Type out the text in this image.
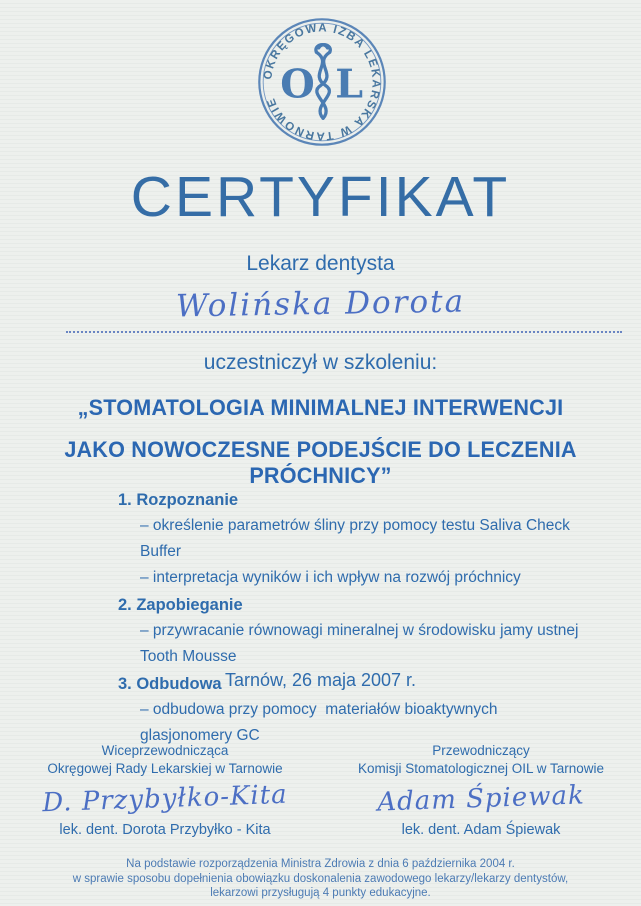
OKRĘGOWA IZBA LEKARSKA W TARNOWIE O L
CERTYFIKAT
Lekarz dentysta
Wolińska Dorota
uczestniczył w szkoleniu:
„STOMATOLOGIA MINIMALNEJ INTERWENCJI
JAKO NOWOCZESNE PODEJŚCIE DO LECZENIA PRÓCHNICY”
1. Rozpoznanie
– określenie parametrów śliny przy pomocy testu Saliva Check Buffer
– interpretacja wyników i ich wpływ na rozwój próchnicy
2. Zapobieganie
– przywracanie równowagi mineralnej w środowisku jamy ustnej  Tooth Mousse
3. Odbudowa
– odbudowa przy pomocy  materiałów bioaktywnych  glasjonomery GC
Tarnów, 26 maja 2007 r.
Wiceprzewodnicząca
Okręgowej Rady Lekarskiej w Tarnowie
D. Przybyłko-Kita
lek. dent. Dorota Przybyłko - Kita
Przewodniczący
Komisji Stomatologicznej OIL w Tarnowie
Adam Śpiewak
lek. dent. Adam Śpiewak
Na podstawie rozporządzenia Ministra Zdrowia z dnia 6 października 2004 r.
w sprawie sposobu dopełnienia obowiązku doskonalenia zawodowego lekarzy/lekarzy dentystów,
lekarzowi przysługują 4 punkty edukacyjne.
